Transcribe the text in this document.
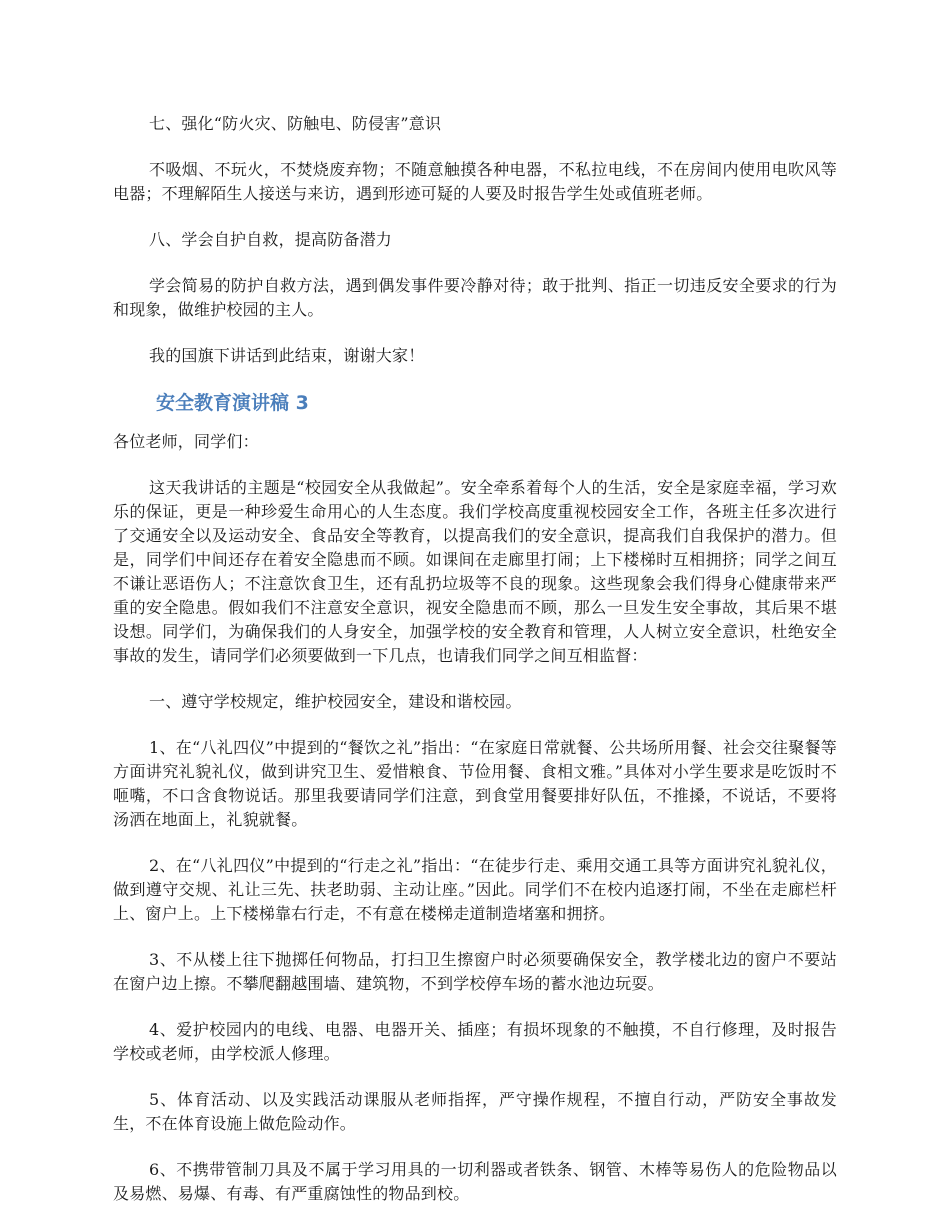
七、强化“防火灾、防触电、防侵害”意识

不吸烟、不玩火，不焚烧废弃物；不随意触摸各种电器，不私拉电线，不在房间内使用电吹风等电器；不理解陌生人接送与来访，遇到形迹可疑的人要及时报告学生处或值班老师。

八、学会自护自救，提高防备潜力

学会简易的防护自救方法，遇到偶发事件要冷静对待；敢于批判、指正一切违反安全要求的行为和现象，做维护校园的主人。

我的国旗下讲话到此结束，谢谢大家！

安全教育演讲稿 3

各位老师，同学们：

这天我讲话的主题是“校园安全从我做起”。安全牵系着每个人的生活，安全是家庭幸福，学习欢乐的保证，更是一种珍爱生命用心的人生态度。我们学校高度重视校园安全工作，各班主任多次进行了交通安全以及运动安全、食品安全等教育，以提高我们的安全意识，提高我们自我保护的潜力。但是，同学们中间还存在着安全隐患而不顾。如课间在走廊里打闹；上下楼梯时互相拥挤；同学之间互不谦让恶语伤人；不注意饮食卫生，还有乱扔垃圾等不良的现象。这些现象会我们得身心健康带来严重的安全隐患。假如我们不注意安全意识，视安全隐患而不顾，那么一旦发生安全事故，其后果不堪设想。同学们，为确保我们的人身安全，加强学校的安全教育和管理，人人树立安全意识，杜绝安全事故的发生，请同学们必须要做到一下几点，也请我们同学之间互相监督：

一、遵守学校规定，维护校园安全，建设和谐校园。

1、在“八礼四仪”中提到的“餐饮之礼”指出：“在家庭日常就餐、公共场所用餐、社会交往聚餐等方面讲究礼貌礼仪，做到讲究卫生、爱惜粮食、节俭用餐、食相文雅。”具体对小学生要求是吃饭时不咂嘴，不口含食物说话。那里我要请同学们注意，到食堂用餐要排好队伍，不推搡，不说话，不要将汤洒在地面上，礼貌就餐。

2、在“八礼四仪”中提到的“行走之礼”指出：“在徒步行走、乘用交通工具等方面讲究礼貌礼仪，做到遵守交规、礼让三先、扶老助弱、主动让座。”因此。同学们不在校内追逐打闹，不坐在走廊栏杆上、窗户上。上下楼梯靠右行走，不有意在楼梯走道制造堵塞和拥挤。

3、不从楼上往下抛掷任何物品，打扫卫生擦窗户时必须要确保安全，教学楼北边的窗户不要站在窗户边上擦。不攀爬翻越围墙、建筑物，不到学校停车场的蓄水池边玩耍。

4、爱护校园内的电线、电器、电器开关、插座；有损坏现象的不触摸，不自行修理，及时报告学校或老师，由学校派人修理。

5、体育活动、以及实践活动课服从老师指挥，严守操作规程，不擅自行动，严防安全事故发生，不在体育设施上做危险动作。

6、不携带管制刀具及不属于学习用具的一切利器或者铁条、钢管、木棒等易伤人的危险物品以及易燃、易爆、有毒、有严重腐蚀性的物品到校。
